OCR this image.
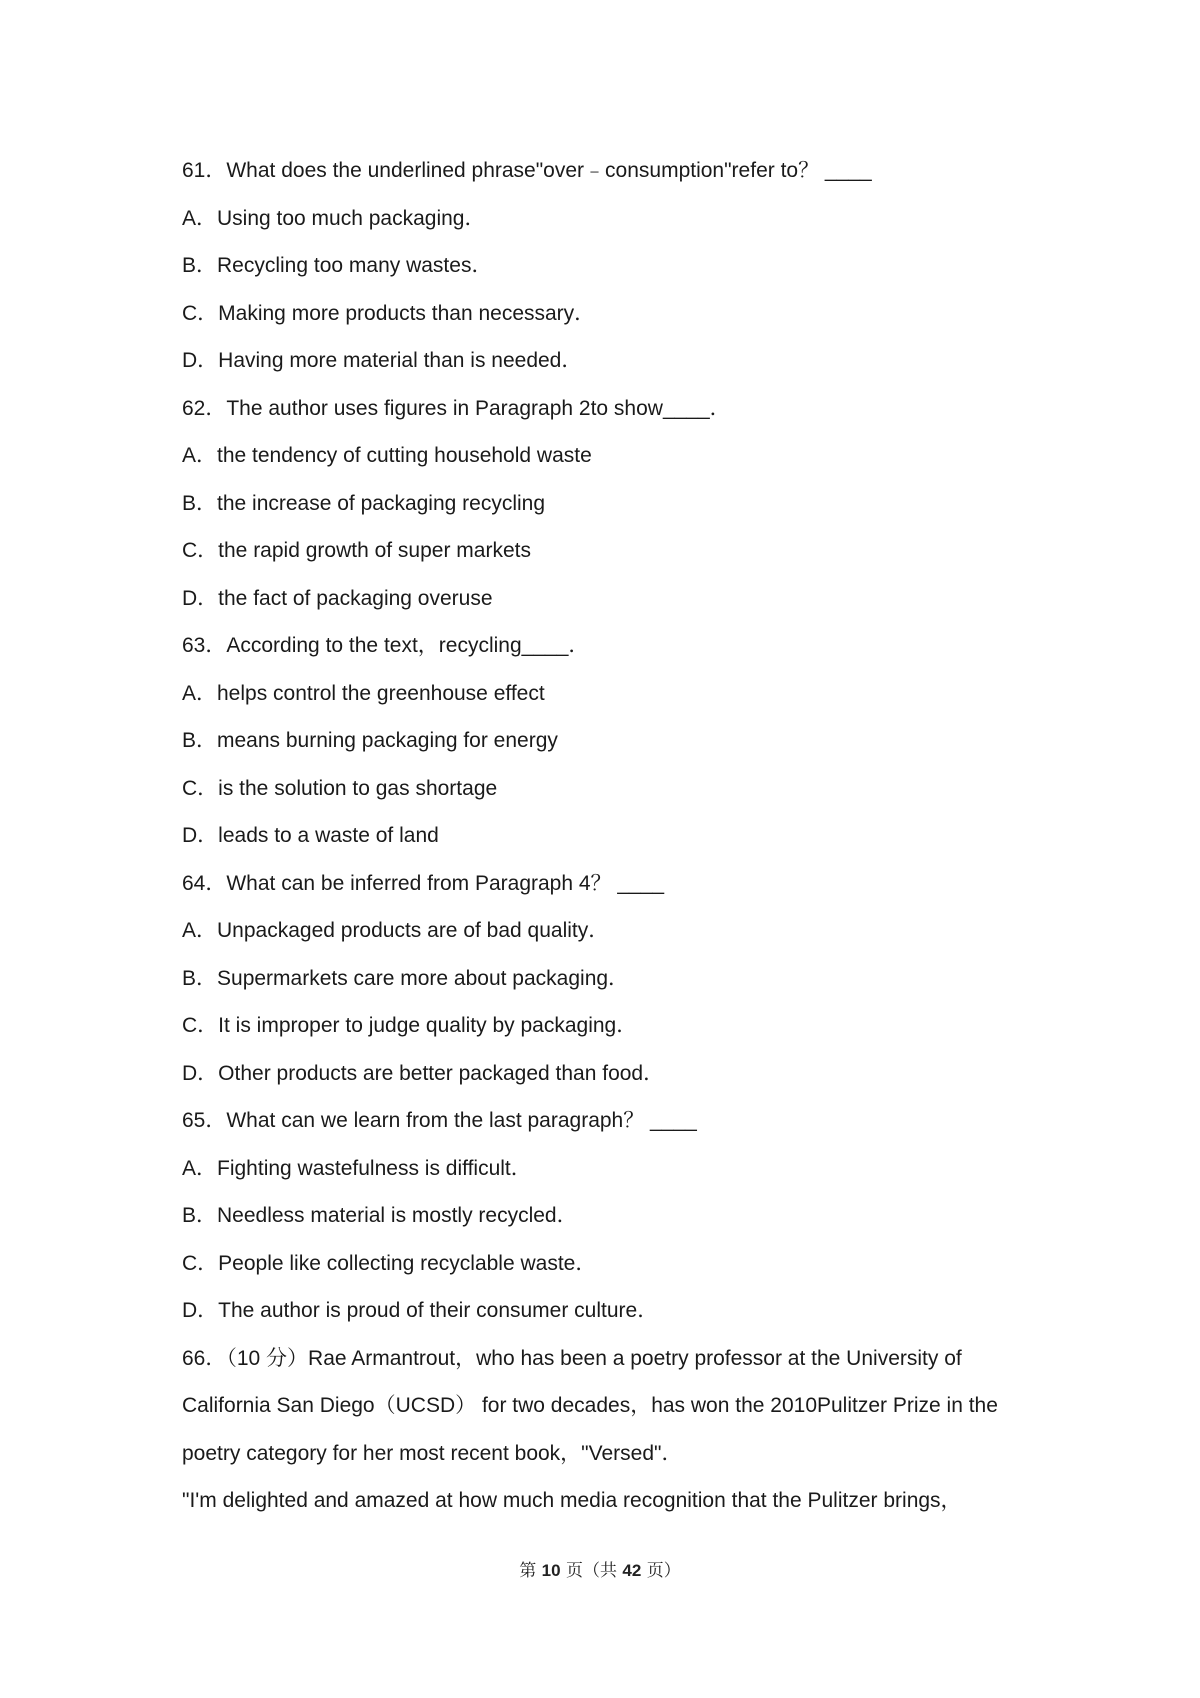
61．What does the underlined phrase"over﹣consumption"refer to？ ____
A．Using too much packaging．
B．Recycling too many wastes．
C．Making more products than necessary．
D．Having more material than is needed．
62．The author uses figures in Paragraph 2to show____．
A．the tendency of cutting household waste
B．the increase of packaging recycling
C．the rapid growth of super markets
D．the fact of packaging overuse
63．According to the text，recycling____．
A．helps control the greenhouse effect
B．means burning packaging for energy
C．is the solution to gas shortage
D．leads to a waste of land
64．What can be inferred from Paragraph 4？ ____
A．Unpackaged products are of bad quality．
B．Supermarkets care more about packaging．
C．It is improper to judge quality by packaging．
D．Other products are better packaged than food．
65．What can we learn from the last paragraph？ ____
A．Fighting wastefulness is difficult．
B．Needless material is mostly recycled．
C．People like collecting recyclable waste．
D．The author is proud of their consumer culture．
66．（10 分）Rae Armantrout，who has been a poetry professor at the University of
California San Diego（UCSD） for two decades，has won the 2010Pulitzer Prize in the
poetry category for her most recent book，"Versed"．
"I'm delighted and amazed at how much media recognition that the Pulitzer brings，
第 10 页（共 42 页）
